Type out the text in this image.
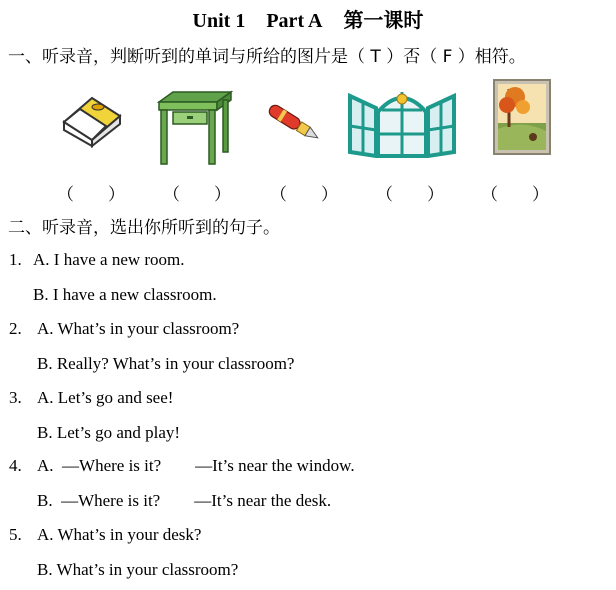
Unit 1 Part A 第一课时
一、听录音，判断听到的单词与所给的图片是（ T ）否（ F ）相符。
（　　） （　　） （　　） （　　） （　　）
二、听录音，选出你所听到的句子。
1. A. I have a new room.
B. I have a new classroom.
2. A. What’s in your classroom?
B. Really? What’s in your classroom?
3. A. Let’s go and see!
B. Let’s go and play!
4. A.  —Where is it?        —It’s near the window.
B.  —Where is it?        —It’s near the desk.
5. A. What’s in your desk?
B. What’s in your classroom?
